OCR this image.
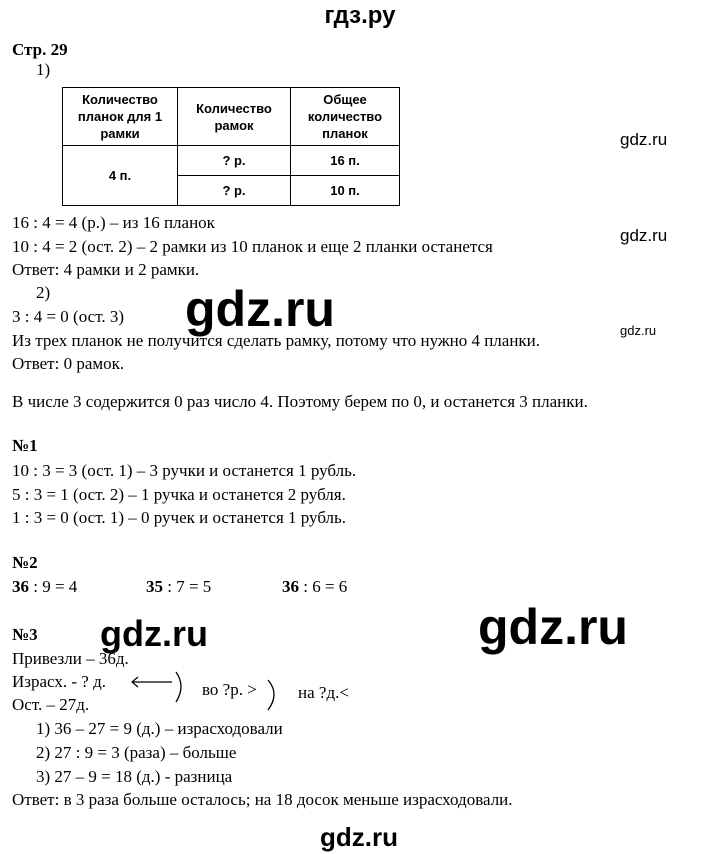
гдз.ру
Стр. 29
1)
Количество планок для 1 рамки	Количество рамок	Общее количество планок
4 п.	? р.	16 п.
	? р.	10 п.
16 : 4 = 4 (р.) – из 16 планок
10 : 4 = 2 (ост. 2) – 2 рамки из 10 планок и еще 2 планки останется
Ответ: 4 рамки и 2 рамки.
2)
3 : 4 = 0 (ост. 3)
Из трех планок не получится сделать рамку, потому что нужно 4 планки.
Ответ: 0 рамок.
В числе 3 содержится 0 раз число 4. Поэтому берем по 0, и останется 3 планки.
№1
10 : 3 = 3 (ост. 1) – 3 ручки и останется 1 рубль.
5 : 3 = 1 (ост. 2) – 1 ручка и останется 2 рубля.
1 : 3 = 0 (ост. 1) – 0 ручек и останется 1 рубль.
№2
36 : 9 = 4	35 : 7 = 5	36 : 6 = 6
№3
Привезли – 36д.
Израсх. - ? д.
Ост. – 27д.
во ?р. > на ?д.<
1) 36 – 27 = 9 (д.) – израсходовали
2) 27 : 9 = 3 (раза) – больше
3) 27 – 9 = 18 (д.) - разница
Ответ: в 3 раза больше осталось; на 18 досок меньше израсходовали.
gdz.ru
gdz.ru
gdz.ru
gdz.ru
gdz.ru	gdz.ru
gdz.ru
